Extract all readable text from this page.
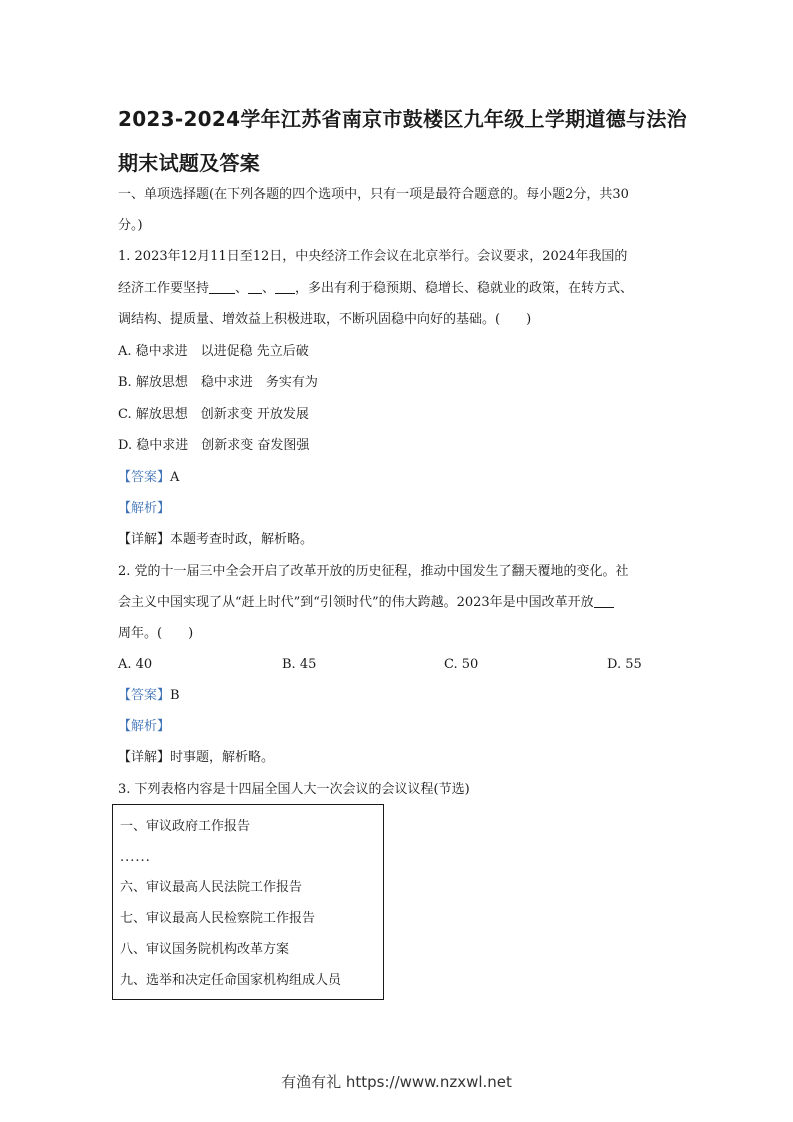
2023-2024学年江苏省南京市鼓楼区九年级上学期道德与法治期末试题及答案
一、单项选择题(在下列各题的四个选项中，只有一项是最符合题意的。每小题2分，共30
分。)
1. 2023年12月11日至12日，中央经济工作会议在北京举行。会议要求，2024年我国的
经济工作要坚持 、 、 ，多出有利于稳预期、稳增长、稳就业的政策，在转方式、
调结构、提质量、增效益上积极进取，不断巩固稳中向好的基础。(　　)
A. 稳中求进　以进促稳 先立后破
B. 解放思想　稳中求进　务实有为
C. 解放思想　创新求变 开放发展
D. 稳中求进　创新求变 奋发图强
【答案】A
【解析】
【详解】本题考查时政，解析略。
2. 党的十一届三中全会开启了改革开放的历史征程，推动中国发生了翻天覆地的变化。社
会主义中国实现了从“赶上时代”到“引领时代”的伟大跨越。2023年是中国改革开放
周年。(　　)
A. 40	B. 45	C. 50	D. 55
【答案】B
【解析】
【详解】时事题，解析略。
3. 下列表格内容是十四届全国人大一次会议的会议议程(节选)
一、审议政府工作报告
......
六、审议最高人民法院工作报告
七、审议最高人民检察院工作报告
八、审议国务院机构改革方案
九、选举和决定任命国家机构组成人员
有渔有礼 https://www.nzxwl.net
